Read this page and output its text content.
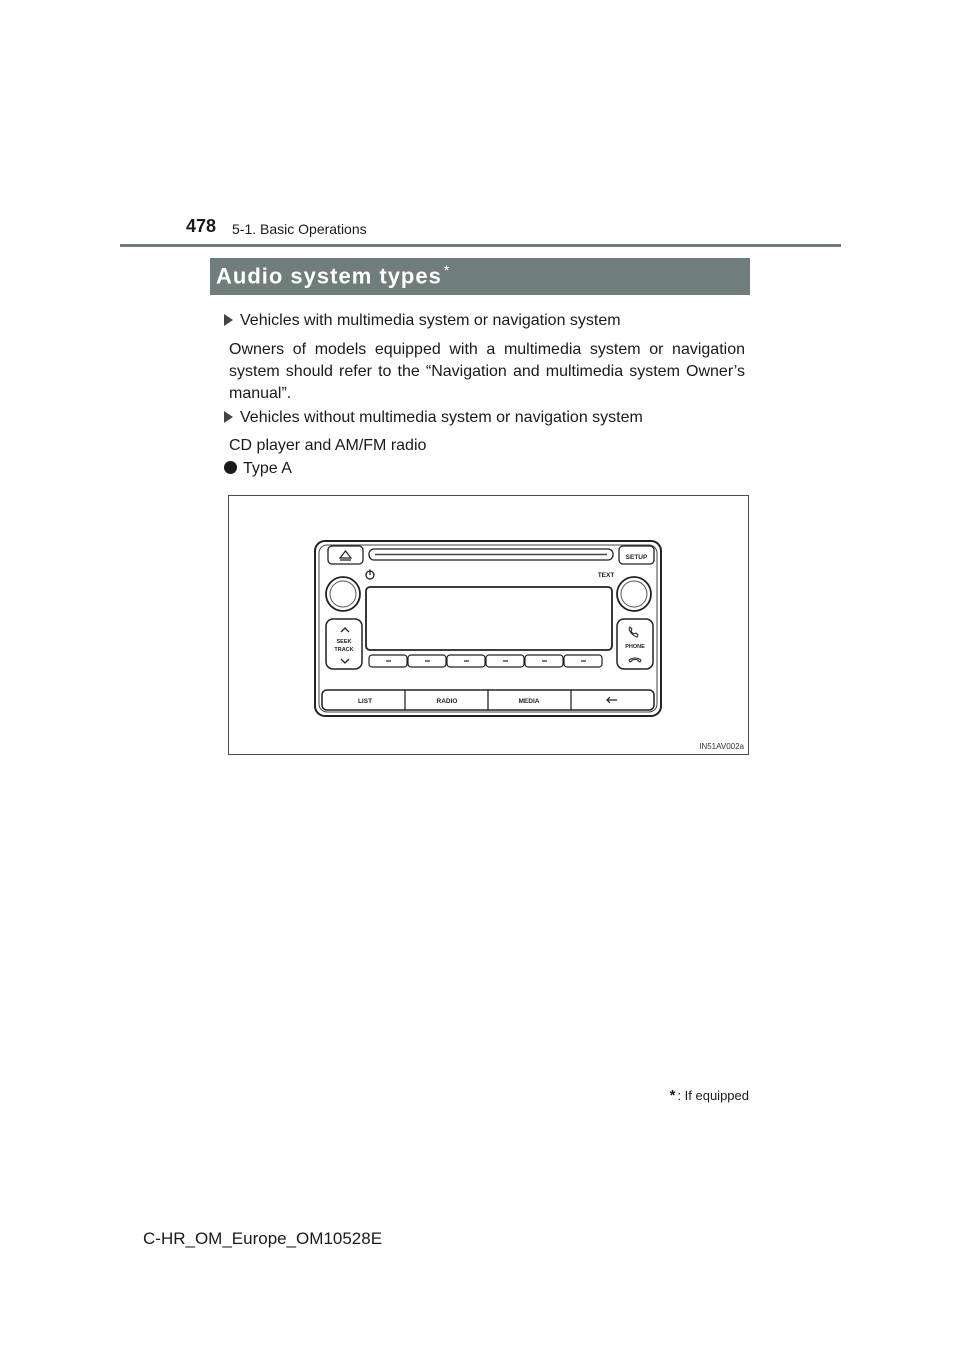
478 5-1. Basic Operations
Audio system types *
Vehicles with multimedia system or navigation system
Owners of models equipped with a multimedia system or navigation system should refer to the “Navigation and multimedia system Owner’s manual”.
Vehicles without multimedia system or navigation system
CD player and AM/FM radio
Type A
SETUP
TEXT
SEEK
TRACK	PHONE
LIST	RADIO	MEDIA
IN51AV002a
* : If equipped
C-HR_OM_Europe_OM10528E
